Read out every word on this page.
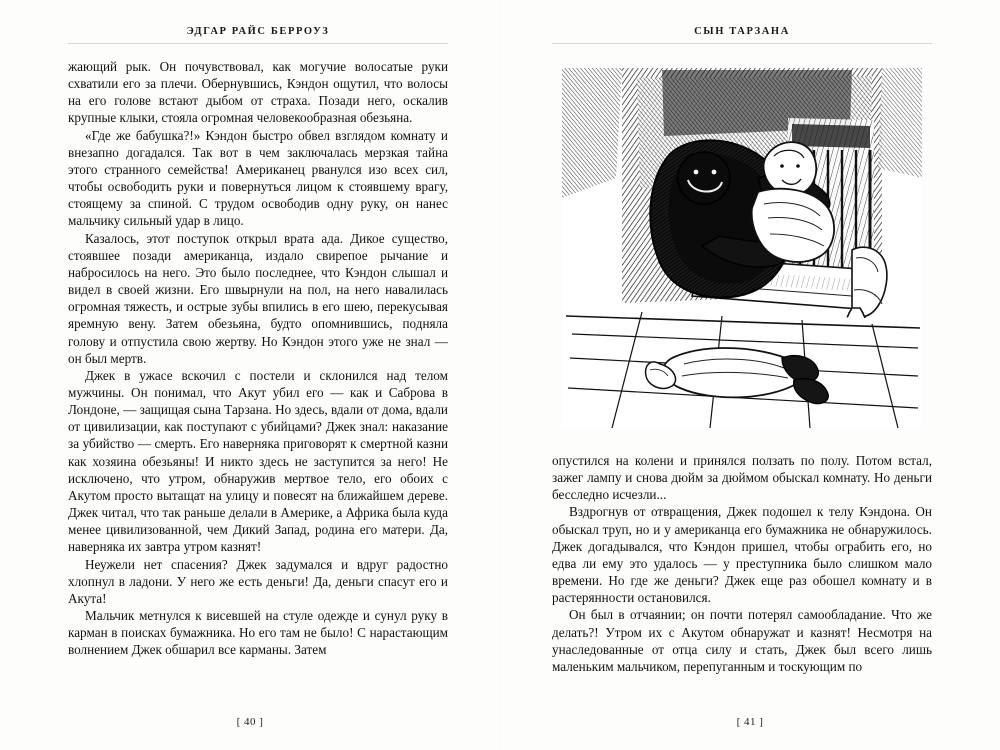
ЭДГАР РАЙС БЕРРОУЗ

жающий рык. Он почувствовал, как могучие волосатые руки схватили его за плечи. Обернувшись, Кэндон ощутил, что волосы на его голове встают дыбом от страха. Позади него, оскалив крупные клыки, стояла огромная человекообразная обезьяна.

«Где же бабушка?!» Кэндон быстро обвел взглядом комнату и внезапно догадался. Так вот в чем заключалась мерзкая тайна этого странного семейства! Американец рванулся изо всех сил, чтобы освободить руки и повернуться лицом к стоявшему врагу, стоящему за спиной. С трудом освободив одну руку, он нанес мальчику сильный удар в лицо.

Казалось, этот поступок открыл врата ада. Дикое существо, стоявшее позади американца, издало свирепое рычание и набросилось на него. Это было последнее, что Кэндон слышал и видел в своей жизни. Его швырнули на пол, на него навалилась огромная тяжесть, и острые зубы впились в его шею, перекусывая яремную вену. Затем обезьяна, будто опомнившись, подняла голову и отпустила свою жертву. Но Кэндон этого уже не знал — он был мертв.

Джек в ужасе вскочил с постели и склонился над телом мужчины. Он понимал, что Акут убил его — как и Саброва в Лондоне, — защищая сына Тарзана. Но здесь, вдали от дома, вдали от цивилизации, как поступают с убийцами? Джек знал: наказание за убийство — смерть. Его наверняка приговорят к смертной казни как хозяина обезьяны! И никто здесь не заступится за него! Не исключено, что утром, обнаружив мертвое тело, его обоих с Акутом просто вытащат на улицу и повесят на ближайшем дереве. Джек читал, что так раньше делали в Америке, а Африка была куда менее цивилизованной, чем Дикий Запад, родина его матери. Да, наверняка их завтра утром казнят!

Неужели нет спасения? Джек задумался и вдруг радостно хлопнул в ладони. У него же есть деньги! Да, деньги спасут его и Акута!

Мальчик метнулся к висевшей на стуле одежде и сунул руку в карман в поисках бумажника. Но его там не было! С нарастающим волнением Джек обшарил все карманы. Затем

[ 40 ]
СЫН ТАРЗАНА

опустился на колени и принялся ползать по полу. Потом встал, зажег лампу и снова дюйм за дюймом обыскал комнату. Но деньги бесследно исчезли...

Вздрогнув от отвращения, Джек подошел к телу Кэндона. Он обыскал труп, но и у американца его бумажника не обнаружилось. Джек догадывался, что Кэндон пришел, чтобы ограбить его, но едва ли ему это удалось — у преступника было слишком мало времени. Но где же деньги? Джек еще раз обошел комнату и в растерянности остановился.

Он был в отчаянии; он почти потерял самообладание. Что же делать?! Утром их с Акутом обнаружат и казнят! Несмотря на унаследованные от отца силу и стать, Джек был всего лишь маленьким мальчиком, перепуганным и тоскующим по

[ 41 ]
